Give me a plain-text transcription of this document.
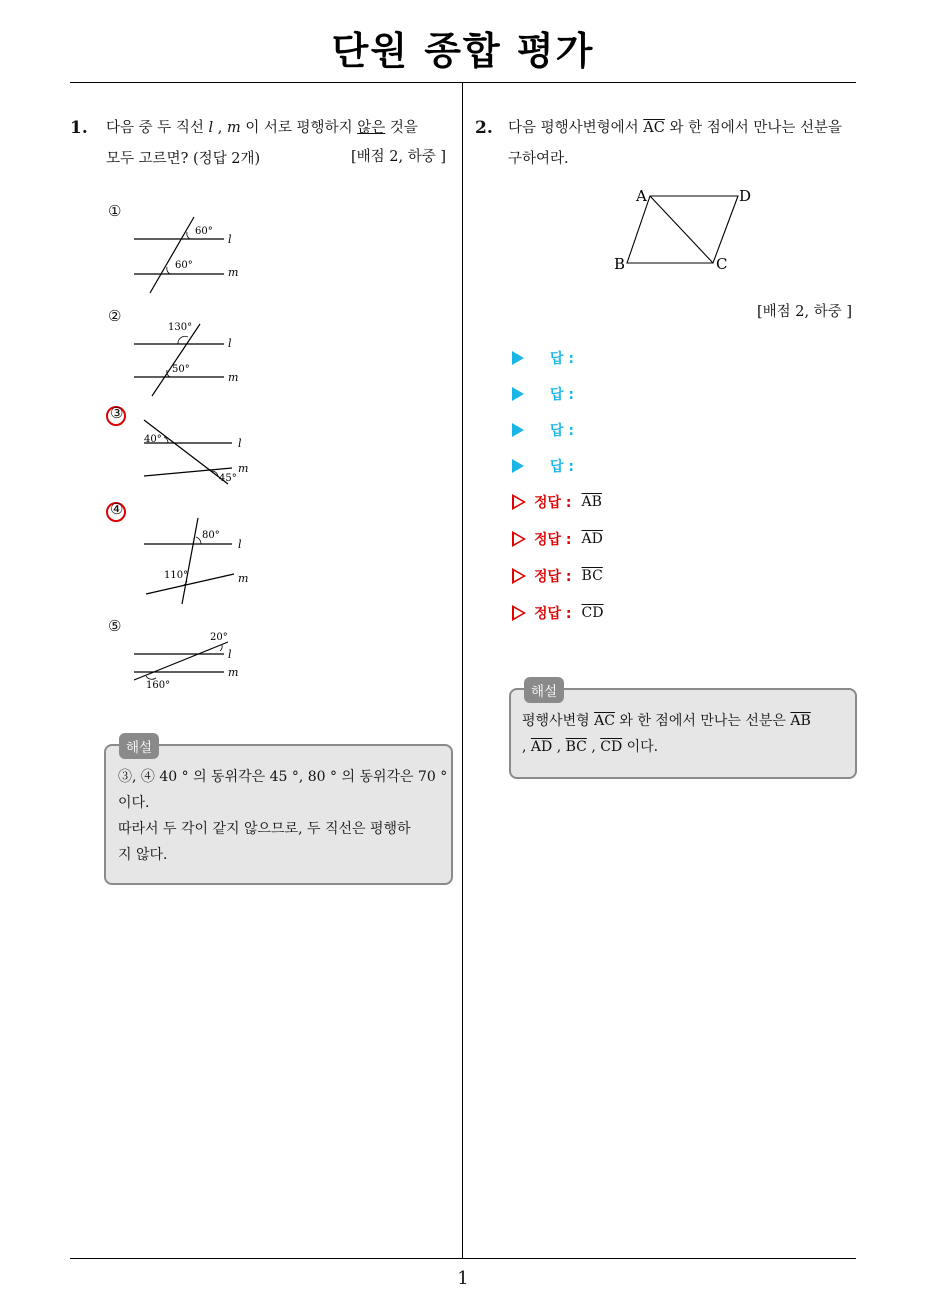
단원 종합 평가
1
1. 다음 중 두 직선 l , m 이 서로 평행하지 않은 것을
모두 고르면? (정답 2개)	[배점 2, 하중 ]
①
②
③
④
⑤
60°
60°
l
m
130°
50°
l
m
40°
45°
l
m
80°
110°
l
m
20°
160°
l
m
해설
③, ④ 40 ° 의 동위각은 45 °, 80 ° 의 동위각은 70 °
이다.
따라서 두 각이 같지 않으므로, 두 직선은 평행하
지 않다.
2. 다음 평행사변형에서 $\overline{AC}$ 와 한 점에서 만나는 선분을
구하여라.
A	D
B	C
[배점 2, 하중 ]
답 :
답 :
답 :
답 :
정답 : $\overline{AB}$
정답 : $\overline{AD}$
정답 : $\overline{BC}$
정답 : $\overline{CD}$
해설
평행사변형 $\overline{AC}$ 와 한 점에서 만나는 선분은 $\overline{AB}$
, $\overline{AD}$ , $\overline{BC}$ , $\overline{CD}$ 이다.
